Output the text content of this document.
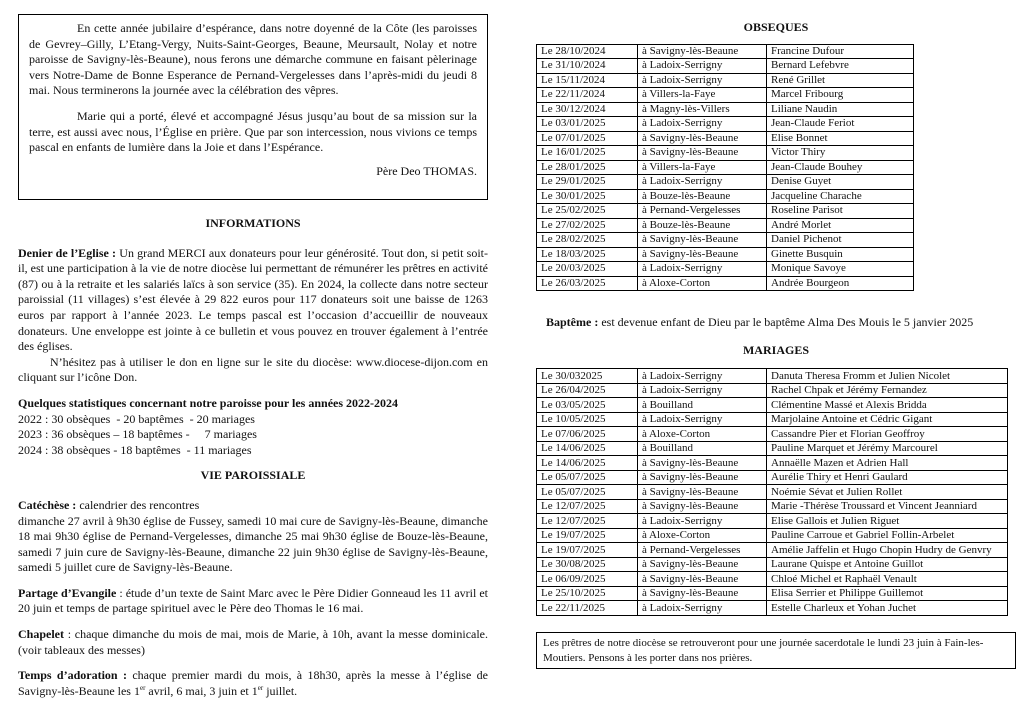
En cette année jubilaire d’espérance, dans notre doyenné de la Côte (les paroisses de Gevrey–Gilly, L’Etang-Vergy, Nuits-Saint-Georges, Beaune, Meursault, Nolay et notre paroisse de Savigny-lès-Beaune), nous ferons une démarche commune en faisant pèlerinage vers Notre-Dame de Bonne Esperance de Pernand-Vergelesses dans l’après-midi du jeudi 8 mai. Nous terminerons la journée avec la célébration des vêpres.

Marie qui a porté, élevé et accompagné Jésus jusqu’au bout de sa mission sur la terre, est aussi avec nous, l’Église en prière. Que par son intercession, nous vivions ce temps pascal en enfants de lumière dans la Joie et dans l’Espérance.

Père Deo THOMAS.

INFORMATIONS

Denier de l’Eglise : Un grand MERCI aux donateurs pour leur générosité. Tout don, si petit soit-il, est une participation à la vie de notre diocèse lui permettant de rémunérer les prêtres en activité (87) ou à la retraite et les salariés laïcs à son service (35). En 2024, la collecte dans notre secteur paroissial (11 villages) s’est élevée à 29 822 euros pour 117 donateurs soit une baisse de 1263 euros par rapport à l’année 2023. Le temps pascal est l’occasion d’accueillir de nouveaux donateurs. Une enveloppe est jointe à ce bulletin et vous pouvez en trouver également à l’entrée des églises.

N’hésitez pas à utiliser le don en ligne sur le site du diocèse: www.diocese-dijon.com en cliquant sur l’icône Don.

Quelques statistiques concernant notre paroisse pour les années 2022-2024
2022 : 30 obsèques  - 20 baptêmes  - 20 mariages
2023 : 36 obsèques – 18 baptêmes -     7 mariages
2024 : 38 obsèques - 18 baptêmes  - 11 mariages

VIE PAROISSIALE

Catéchèse : calendrier des rencontres
dimanche 27 avril à 9h30 église de Fussey, samedi 10 mai cure de Savigny-lès-Beaune, dimanche 18 mai 9h30 église de Pernand-Vergelesses, dimanche 25 mai 9h30 église de Bouze-lès-Beaune, samedi 7 juin cure de Savigny-lès-Beaune, dimanche 22 juin 9h30 église de Savigny-lès-Beaune, samedi 5 juillet cure de Savigny-lès-Beaune.

Partage d’Evangile : étude d’un texte de Saint Marc avec le Père Didier Gonneaud les 11 avril et 20 juin et temps de partage spirituel avec le Père deo Thomas le 16 mai.

Chapelet : chaque dimanche du mois de mai, mois de Marie, à 10h, avant la messe dominicale. (voir tableaux des messes)

Temps d’adoration : chaque premier mardi du mois, à 18h30, après la messe à l’église de Savigny-lès-Beaune les 1er avril, 6 mai, 3 juin et 1er juillet.

OBSEQUES
Le 28/10/2024	à Savigny-lès-Beaune	Francine Dufour
Le 31/10/2024	à Ladoix-Serrigny	Bernard Lefebvre
Le 15/11/2024	à Ladoix-Serrigny	René Grillet
Le 22/11/2024	à Villers-la-Faye	Marcel Fribourg
Le 30/12/2024	à Magny-lès-Villers	Liliane Naudin
Le 03/01/2025	à Ladoix-Serrigny	Jean-Claude Feriot
Le 07/01/2025	à Savigny-lès-Beaune	Elise Bonnet
Le 16/01/2025	à Savigny-lès-Beaune	Victor Thiry
Le 28/01/2025	à Villers-la-Faye	Jean-Claude Bouhey
Le 29/01/2025	à Ladoix-Serrigny	Denise Guyet
Le 30/01/2025	à Bouze-lès-Beaune	Jacqueline Charache
Le 25/02/2025	à Pernand-Vergelesses	Roseline Parisot
Le 27/02/2025	à Bouze-lès-Beaune	André Morlet
Le 28/02/2025	à Savigny-lès-Beaune	Daniel Pichenot
Le 18/03/2025	à Savigny-lès-Beaune	Ginette Busquin
Le 20/03/2025	à Ladoix-Serrigny	Monique Savoye
Le 26/03/2025	à Aloxe-Corton	Andrée Bourgeon

Baptême : est devenue enfant de Dieu par le baptême Alma Des Mouis le 5 janvier 2025

MARIAGES
Le 30/032025	à Ladoix-Serrigny	Danuta Theresa Fromm et Julien Nicolet
Le 26/04/2025	à Ladoix-Serrigny	Rachel Chpak et Jérémy Fernandez
Le 03/05/2025	à Bouilland	Clémentine Massé et Alexis Bridda
Le 10/05/2025	à Ladoix-Serrigny	Marjolaine Antoine et Cédric Gigant
Le 07/06/2025	à Aloxe-Corton	Cassandre Pier et Florian Geoffroy
Le 14/06/2025	à Bouilland	Pauline Marquet et Jérémy Marcourel
Le 14/06/2025	à Savigny-lès-Beaune	Annaëlle Mazen et Adrien Hall
Le 05/07/2025	à Savigny-lès-Beaune	Aurélie Thiry et Henri Gaulard
Le 05/07/2025	à Savigny-lès-Beaune	Noémie Sévat et Julien Rollet
Le 12/07/2025	à Savigny-lès-Beaune	Marie -Thérèse Troussard et Vincent Jeanniard
Le 12/07/2025	à Ladoix-Serrigny	Elise Gallois et Julien Riguet
Le 19/07/2025	à Aloxe-Corton	Pauline Carroue et Gabriel Follin-Arbelet
Le 19/07/2025	à Pernand-Vergelesses	Amélie Jaffelin et Hugo Chopin Hudry de Genvry
Le 30/08/2025	à Savigny-lès-Beaune	Laurane Quispe et Antoine Guillot
Le 06/09/2025	à Savigny-lès-Beaune	Chloé Michel et Raphaël Venault
Le 25/10/2025	à Savigny-lès-Beaune	Elisa Serrier et Philippe Guillemot
Le 22/11/2025	à Ladoix-Serrigny	Estelle Charleux et Yohan Juchet
Les prêtres de notre diocèse se retrouveront pour une journée sacerdotale le lundi 23 juin à Fain-les-Moutiers. Pensons à les porter dans nos prières.
